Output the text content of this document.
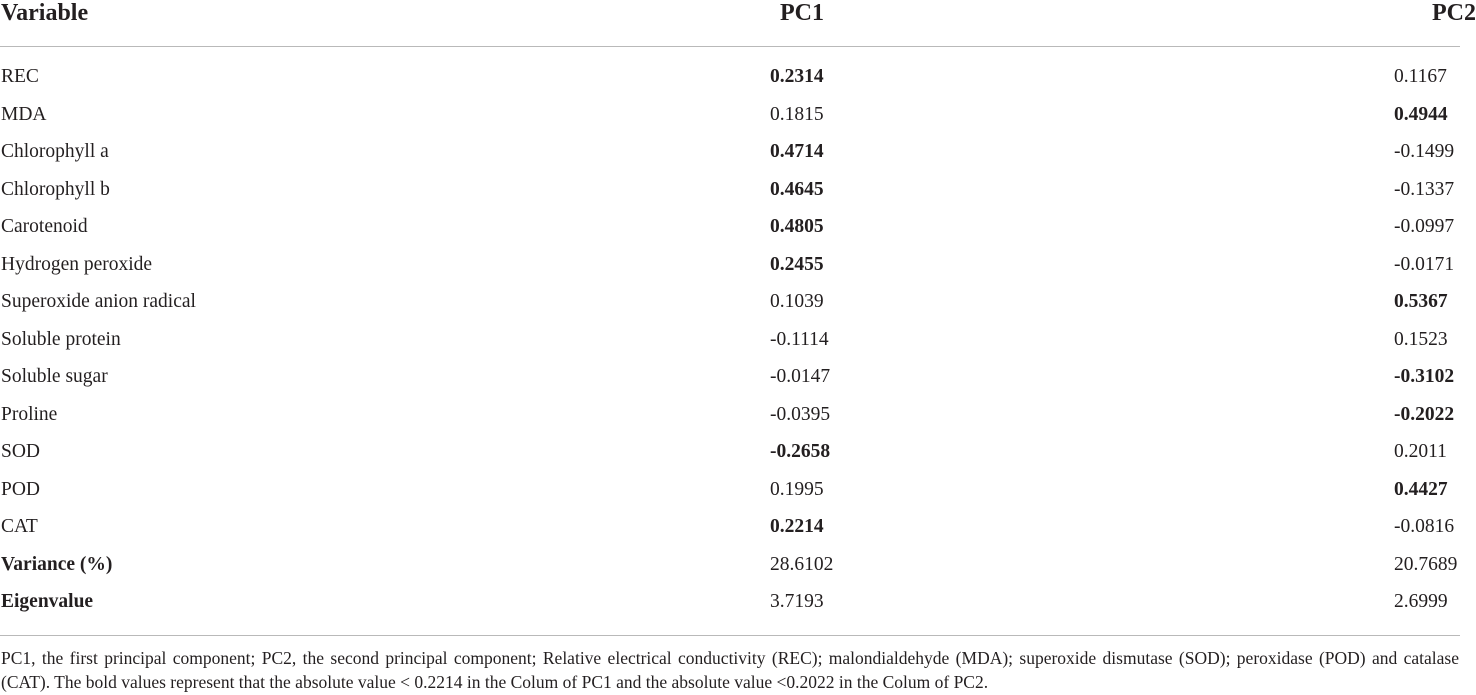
Variable	PC1	PC2
REC	0.2314	0.1167
MDA	0.1815	0.4944
Chlorophyll a	0.4714	-0.1499
Chlorophyll b	0.4645	-0.1337
Carotenoid	0.4805	-0.0997
Hydrogen peroxide	0.2455	-0.0171
Superoxide anion radical	0.1039	0.5367
Soluble protein	-0.1114	0.1523
Soluble sugar	-0.0147	-0.3102
Proline	-0.0395	-0.2022
SOD	-0.2658	0.2011
POD	0.1995	0.4427
CAT	0.2214	-0.0816
Variance (%)	28.6102	20.7689
Eigenvalue	3.7193	2.6999
PC1, the first principal component; PC2, the second principal component; Relative electrical conductivity (REC); malondialdehyde (MDA); superoxide dismutase (SOD); peroxidase (POD) and catalase (CAT). The bold values represent that the absolute value < 0.2214 in the Colum of PC1 and the absolute value <0.2022 in the Colum of PC2.
